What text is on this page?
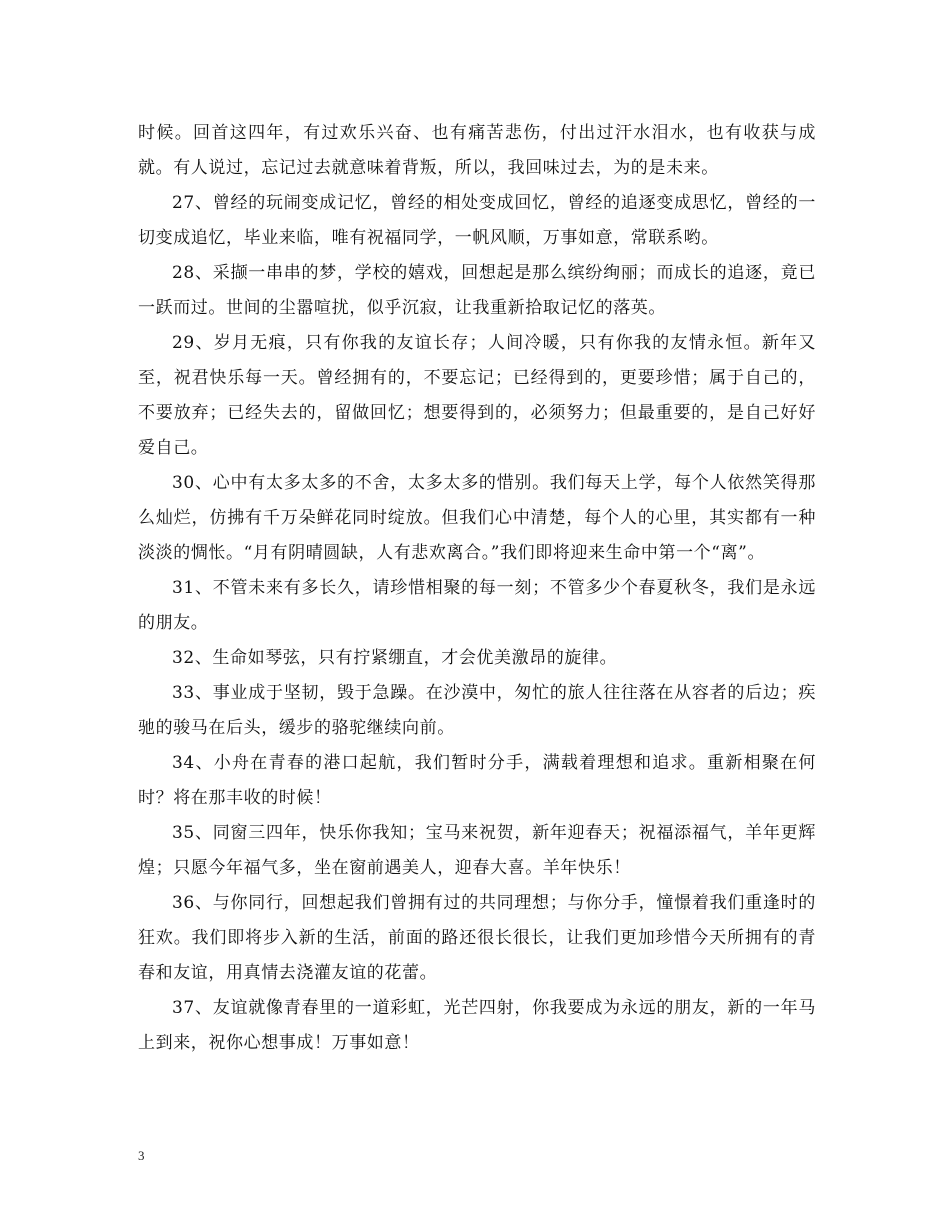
时候。回首这四年，有过欢乐兴奋、也有痛苦悲伤，付出过汗水泪水，也有收获与成就。有人说过，忘记过去就意味着背叛，所以，我回味过去，为的是未来。

27、曾经的玩闹变成记忆，曾经的相处变成回忆，曾经的追逐变成思忆，曾经的一切变成追忆，毕业来临，唯有祝福同学，一帆风顺，万事如意，常联系哟。

28、采撷一串串的梦，学校的嬉戏，回想起是那么缤纷绚丽；而成长的追逐，竟已一跃而过。世间的尘嚣喧扰，似乎沉寂，让我重新拾取记忆的落英。

29、岁月无痕，只有你我的友谊长存；人间冷暖，只有你我的友情永恒。新年又至，祝君快乐每一天。曾经拥有的，不要忘记；已经得到的，更要珍惜；属于自己的，不要放弃；已经失去的，留做回忆；想要得到的，必须努力；但最重要的，是自己好好爱自己。

30、心中有太多太多的不舍，太多太多的惜别。我们每天上学，每个人依然笑得那么灿烂，仿拂有千万朵鲜花同时绽放。但我们心中清楚，每个人的心里，其实都有一种淡淡的惆怅。“月有阴晴圆缺，人有悲欢离合。”我们即将迎来生命中第一个“离”。

31、不管未来有多长久，请珍惜相聚的每一刻；不管多少个春夏秋冬，我们是永远的朋友。

32、生命如琴弦，只有拧紧绷直，才会优美激昂的旋律。

33、事业成于坚韧，毁于急躁。在沙漠中，匆忙的旅人往往落在从容者的后边；疾驰的骏马在后头，缓步的骆驼继续向前。

34、小舟在青春的港口起航，我们暂时分手，满载着理想和追求。重新相聚在何时？将在那丰收的时候！

35、同窗三四年，快乐你我知；宝马来祝贺，新年迎春天；祝福添福气，羊年更辉煌；只愿今年福气多，坐在窗前遇美人，迎春大喜。羊年快乐！

36、与你同行，回想起我们曾拥有过的共同理想；与你分手，憧憬着我们重逢时的狂欢。我们即将步入新的生活，前面的路还很长很长，让我们更加珍惜今天所拥有的青春和友谊，用真情去浇灌友谊的花蕾。

37、友谊就像青春里的一道彩虹，光芒四射，你我要成为永远的朋友，新的一年马上到来，祝你心想事成！万事如意！

3
